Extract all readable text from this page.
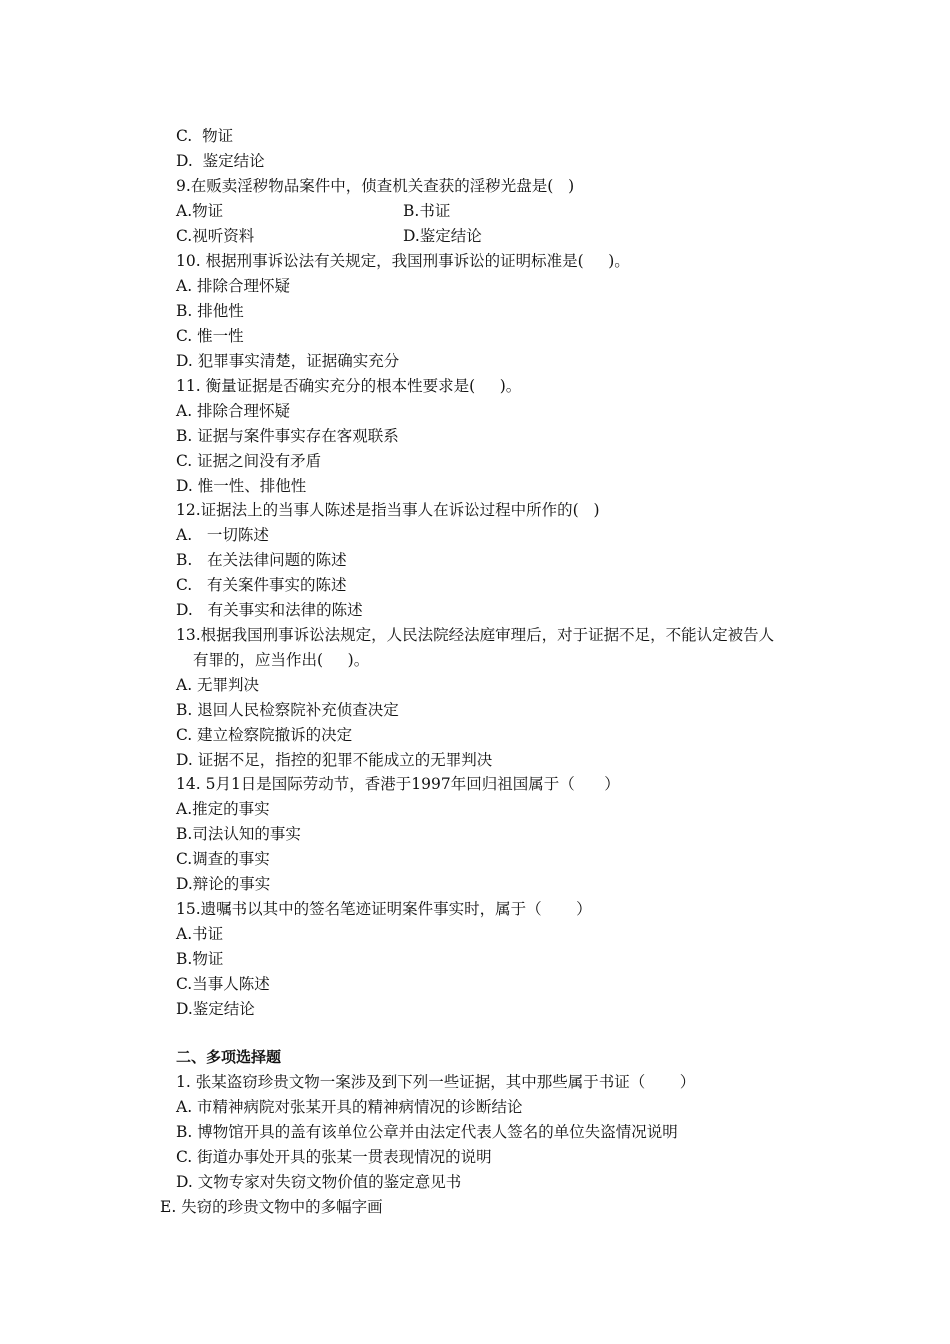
C.  物证
D.  鉴定结论
9.在贩卖淫秽物品案件中，侦查机关查获的淫秽光盘是(   )
A.物证	B.书证
C.视听资料	D.鉴定结论
10. 根据刑事诉讼法有关规定，我国刑事诉讼的证明标准是(     )。
A. 排除合理怀疑
B. 排他性
C. 惟一性
D. 犯罪事实清楚，证据确实充分
11. 衡量证据是否确实充分的根本性要求是(     )。
A. 排除合理怀疑
B. 证据与案件事实存在客观联系
C. 证据之间没有矛盾
D. 惟一性、排他性
12.证据法上的当事人陈述是指当事人在诉讼过程中所作的(   )
A.   一切陈述
B.   在关法律问题的陈述
C.   有关案件事实的陈述
D.   有关事实和法律的陈述
13.根据我国刑事诉讼法规定，人民法院经法庭审理后，对于证据不足，不能认定被告人
有罪的，应当作出(     )。
A. 无罪判决
B. 退回人民检察院补充侦查决定
C. 建立检察院撤诉的决定
D. 证据不足，指控的犯罪不能成立的无罪判决
14. 5月1日是国际劳动节，香港于1997年回归祖国属于（      ）
A.推定的事实
B.司法认知的事实
C.调查的事实
D.辩论的事实
15.遗嘱书以其中的签名笔迹证明案件事实时，属于（       ）
A.书证
B.物证
C.当事人陈述
D.鉴定结论
二、多项选择题
1. 张某盗窃珍贵文物一案涉及到下列一些证据，其中那些属于书证（       ）
A. 市精神病院对张某开具的精神病情况的诊断结论
B. 博物馆开具的盖有该单位公章并由法定代表人签名的单位失盗情况说明
C. 街道办事处开具的张某一贯表现情况的说明
D. 文物专家对失窃文物价值的鉴定意见书
E. 失窃的珍贵文物中的多幅字画
